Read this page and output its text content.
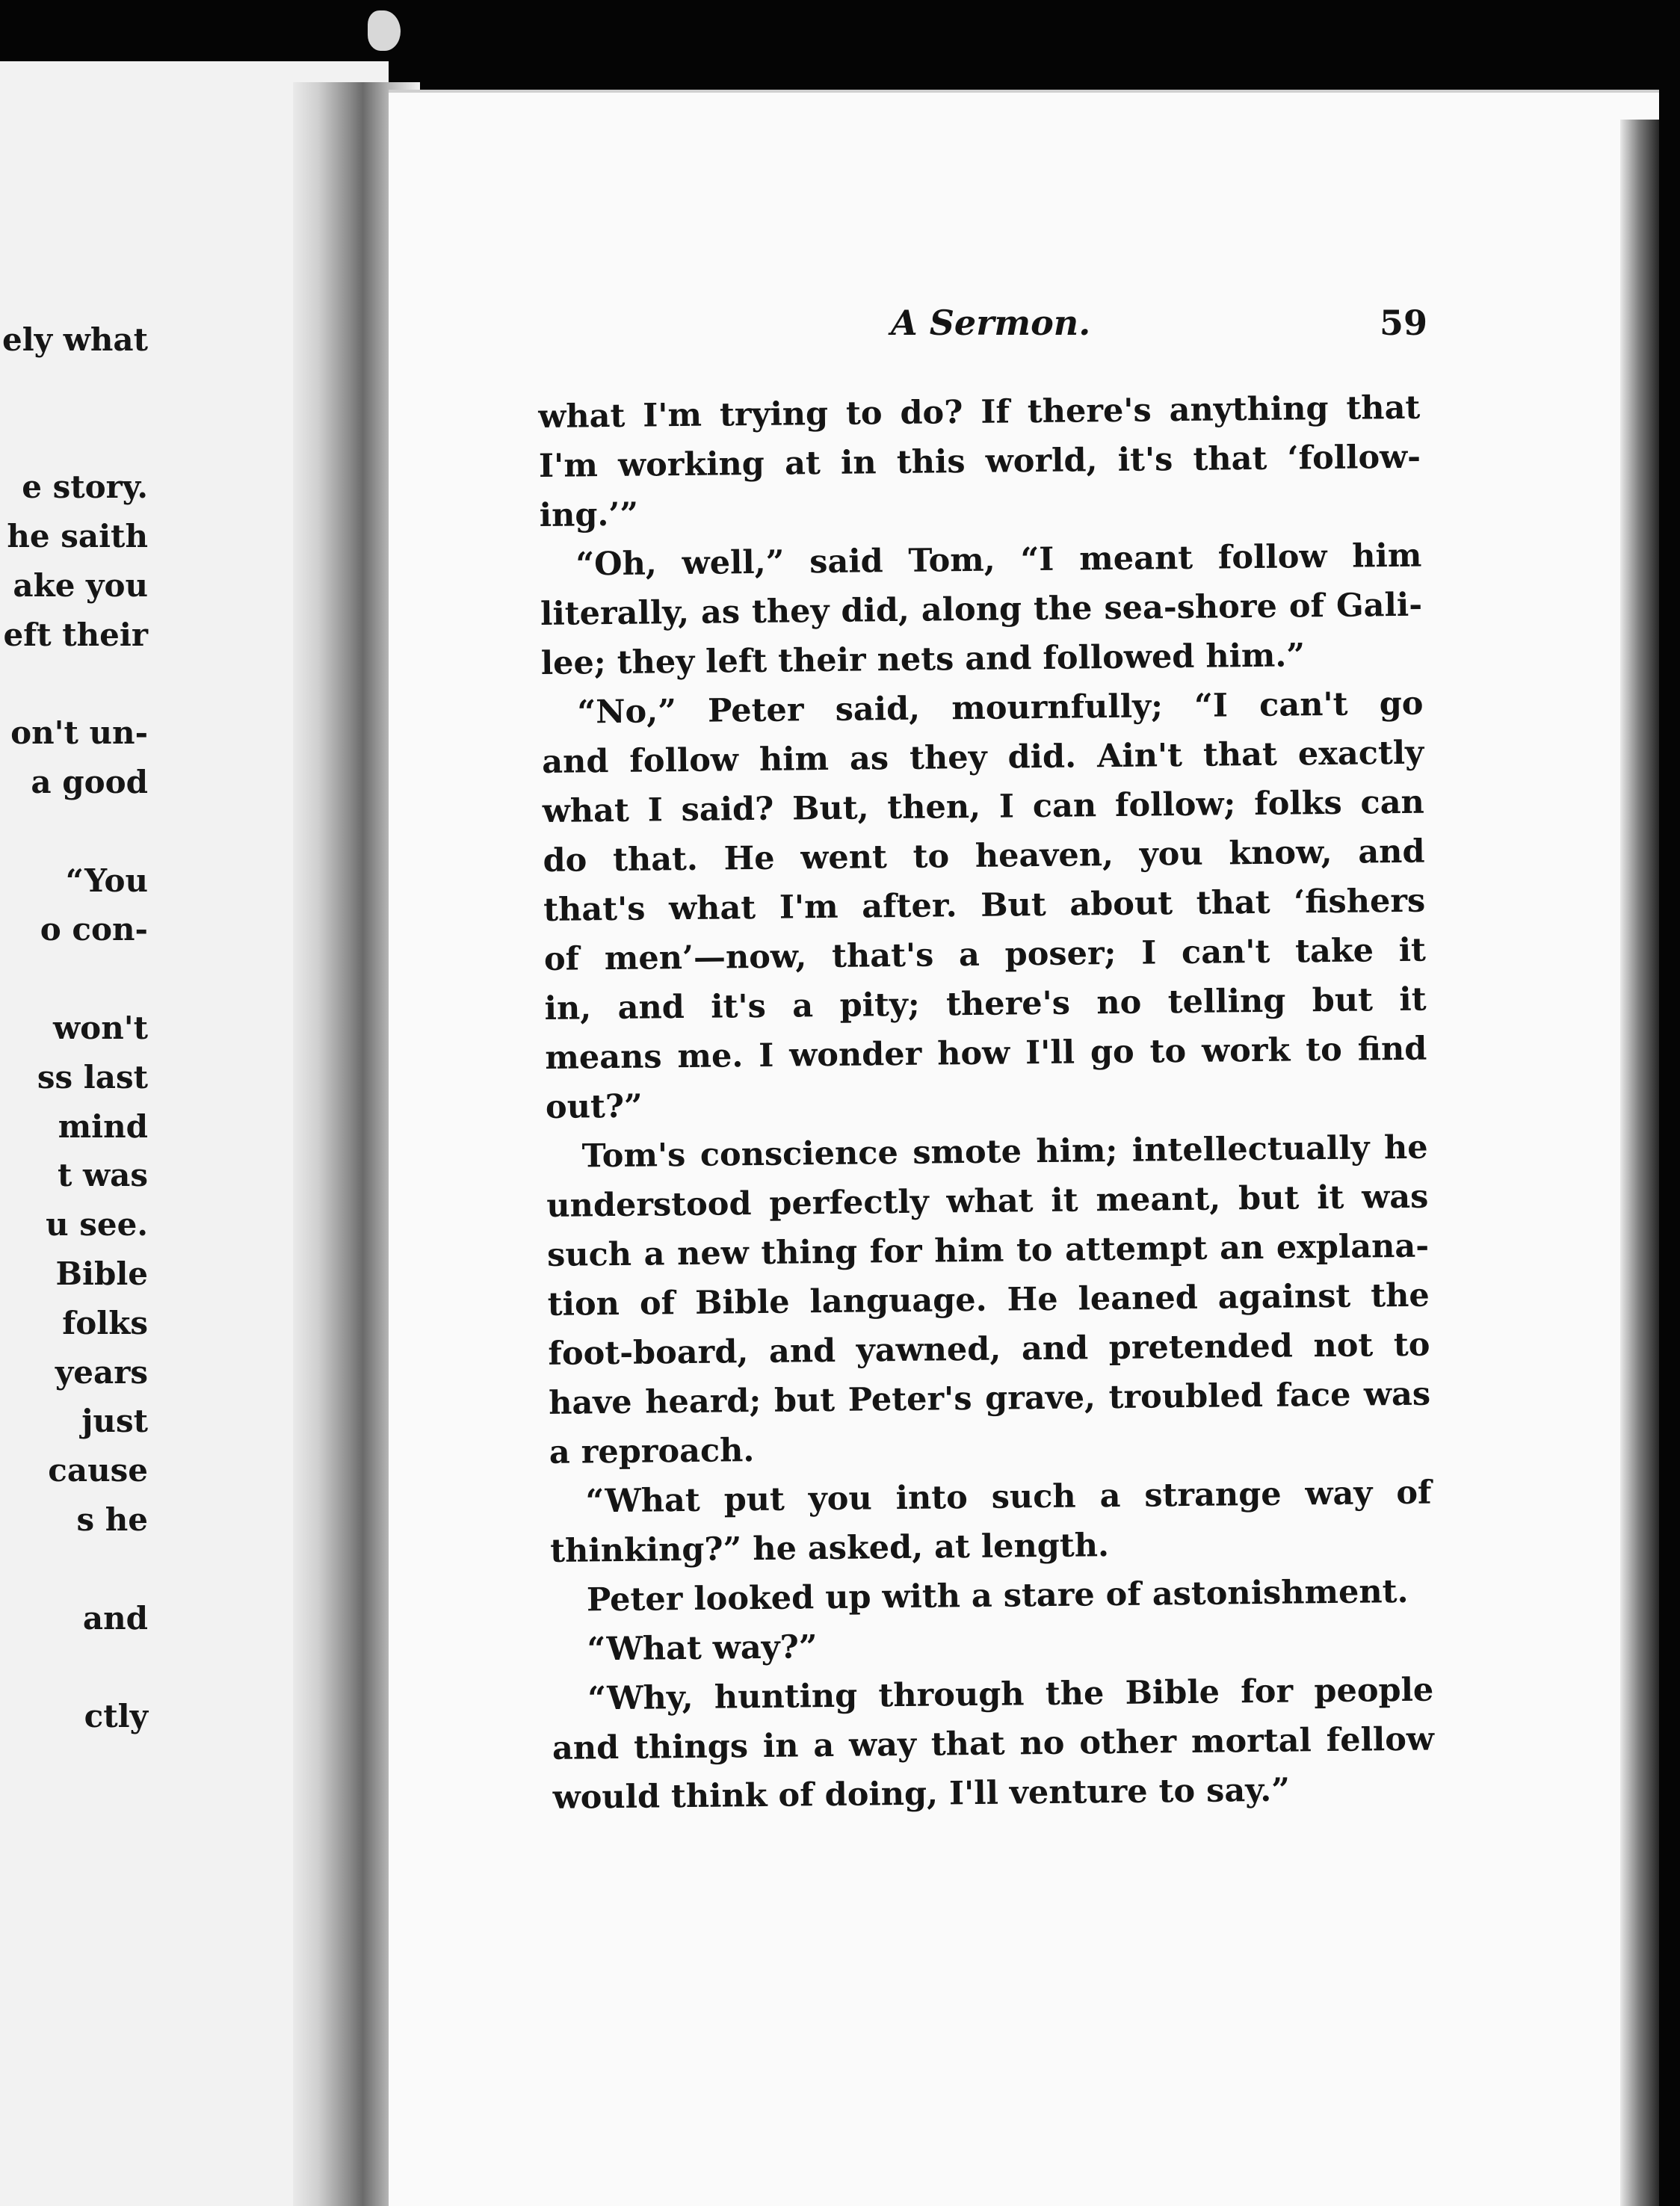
ely what
e story.
he saith
ake you
eft their
on't un-
a good
“You
o con-
won't
ss last
mind
t was
u see.
Bible
folks
years
just
cause
s he
and
ctly
A Sermon.	59

what I'm trying to do? If there's anything that
I'm working at in this world, it's that ‘follow-
ing.’”

“Oh, well,” said Tom, “I meant follow him
literally, as they did, along the sea-shore of Gali-
lee; they left their nets and followed him.”

“No,” Peter said, mournfully; “I can't go
and follow him as they did. Ain't that exactly
what I said? But, then, I can follow; folks can
do that. He went to heaven, you know, and
that's what I'm after. But about that ‘fishers
of men’—now, that's a poser; I can't take it
in, and it's a pity; there's no telling but it
means me. I wonder how I'll go to work to find
out?”

Tom's conscience smote him; intellectually he
understood perfectly what it meant, but it was
such a new thing for him to attempt an explana-
tion of Bible language. He leaned against the
foot-board, and yawned, and pretended not to
have heard; but Peter's grave, troubled face was
a reproach.

“What put you into such a strange way of
thinking?” he asked, at length.

Peter looked up with a stare of astonishment.

“What way?”

“Why, hunting through the Bible for people
and things in a way that no other mortal fellow
would think of doing, I'll venture to say.”
